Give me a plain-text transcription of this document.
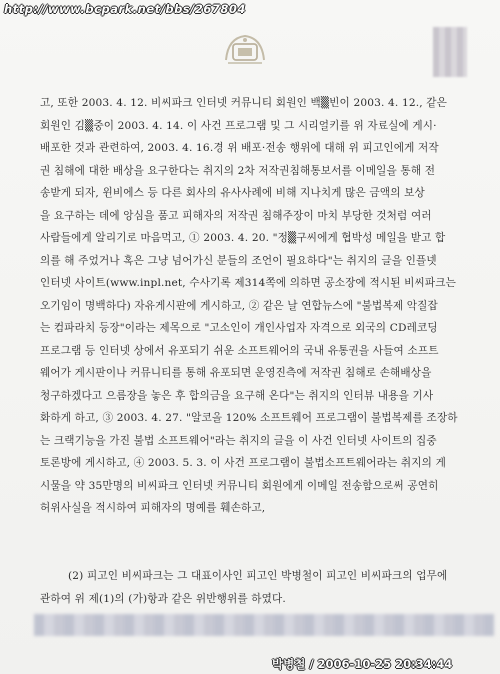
http://www.bcpark.net/bbs/267804
고, 또한 2003. 4. 12. 비씨파크 인터넷 커뮤니티 회원인 백▒빈이 2003. 4. 12., 같은
회원인 김▒중이 2003. 4. 14. 이 사건 프로그램 및 그 시리얼키를 위 자료실에 게시·
배포한 것과 관련하여, 2003. 4. 16.경 위 배포·전송 행위에 대해 위 피고인에게 저작
권 침해에 대한 배상을 요구한다는 취지의 2차 저작권침해통보서를 이메일을 통해 전
송받게 되자, 윈비에스 등 다른 회사의 유사사례에 비해 지나치게 많은 금액의 보상
을 요구하는 데에 앙심을 품고 피해자의 저작권 침해주장이 마치 부당한 것처럼 여러
사람들에게 알리기로 마음먹고, ① 2003. 4. 20. "정▒구씨에게 협박성 메일을 받고 합
의를 해 주었거나 혹은 그냥 넘어가신 분들의 조언이 필요하다"는 취지의 글을 인플넷
인터넷 사이트(www.inpl.net, 수사기록 제314쪽에 의하면 공소장에 적시된 비씨파크는
오기임이 명백하다) 자유게시판에 게시하고, ② 같은 날 연합뉴스에 "불법복제 악질잡
는 컴파라치 등장"이라는 제목으로 "고소인이 개인사업자 자격으로 외국의 CD레코딩
프로그램 등 인터넷 상에서 유포되기 쉬운 소프트웨어의 국내 유통권을 사들여 소프트
웨어가 게시판이나 커뮤니티를 통해 유포되면 운영진측에 저작권 침해로 손해배상을
청구하겠다고 으름장을 놓은 후 합의금을 요구해 온다"는 취지의 인터뷰 내용을 기사
화하게 하고, ③ 2003. 4. 27. "알코올 120% 소프트웨어 프로그램이 불법복제를 조장하
는 크랙기능을 가진 불법 소프트웨어"라는 취지의 글을 이 사건 인터넷 사이트의 집중
토론방에 게시하고, ④ 2003. 5. 3. 이 사건 프로그램이 불법소프트웨어라는 취지의 게
시물을 약 35만명의 비씨파크 인터넷 커뮤니티 회원에게 이메일 전송함으로써 공연히
허위사실을 적시하여 피해자의 명예를 훼손하고,
(2) 피고인 비씨파크는 그 대표이사인 피고인 박병철이 피고인 비씨파크의 업무에
관하여 위 제(1)의 (가)항과 같은 위반행위를 하였다.
박병철 / 2006-10-25 20:34:44
